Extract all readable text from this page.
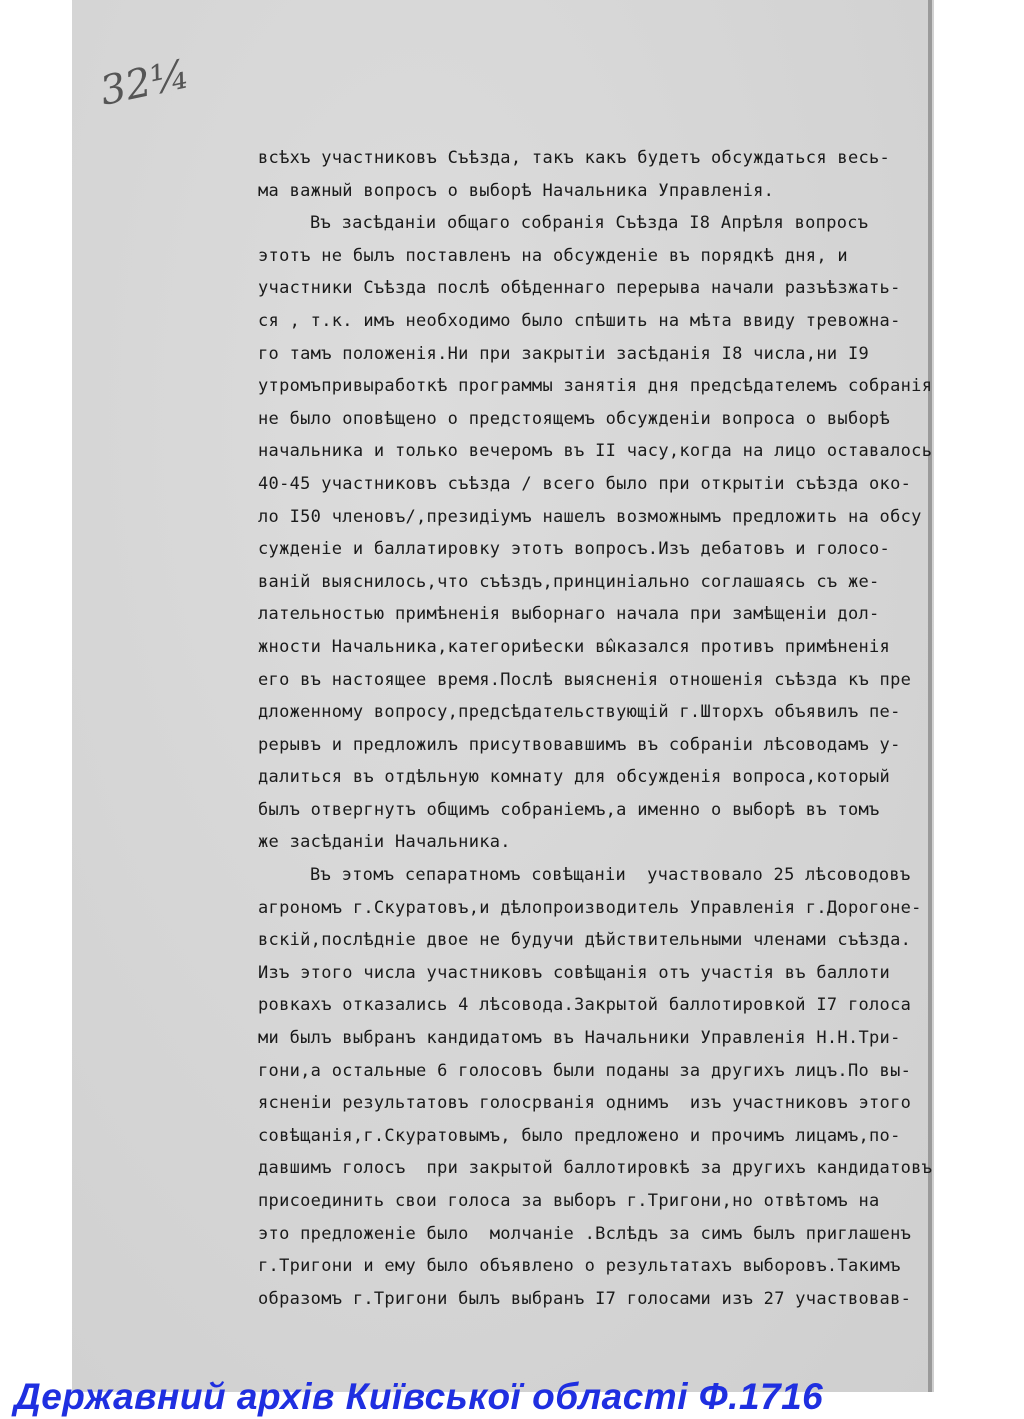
32¼
всѣхъ участниковъ Съѣзда, такъ какъ будетъ обсуждаться весь-
ма важный вопросъ о выборѣ Начальника Управленiя.
Въ засѣданiи общаго собранiя Съѣзда I8 Апрѣля вопросъ
этотъ не былъ поставленъ на обсужденiе въ порядкѣ дня, и
участники Съѣзда послѣ обѣденнаго перерыва начали разъѣзжать-
ся , т.к. имъ необходимо было спѣшить на мѣта ввиду тревожна-
го тамъ положенiя.Ни при закрытiи засѣданiя I8 числа,ни I9
утромъпривыработкѣ программы занятiя дня предсѣдателемъ собранiя
не было оповѣщено о предстоящемъ обсужденiи вопроса о выборѣ
начальника и только вечеромъ въ II часу,когда на лицо оставалось
40-45 участниковъ съѣзда / всего было при открытiи съѣзда око-
ло I50 членовъ/,президiумъ нашелъ возможнымъ предложить на обсу
сужденiе и баллатировку этотъ вопросъ.Изъ дебатовъ и голосо-
ванiй выяснилось,что съѣздъ,принциніально соглашаясь съ же-
лательностью примѣненiя выборнаго начала при замѣщенiи дол-
жности Начальника,категориѣески вы̂казался противъ примѣненiя
его въ настоящее время.Послѣ выясненiя отношенiя съѣзда къ пре
дложенному вопросу,предсѣдательствующiй г.Шторхъ объявилъ пе-
рерывъ и предложилъ присутвовавшимъ въ собранiи лѣсоводамъ у-
далиться въ отдѣльную комнату для обсужденiя вопроса,который
былъ отвергнутъ общимъ собранiемъ,а именно о выборѣ въ томъ
же засѣданiи Начальника.
Въ этомъ сепаратномъ совѣщанiи  участвовало 25 лѣсоводовъ
агрономъ г.Скуратовъ,и дѣлопроизводитель Управленiя г.Дорогоне-
вскiй,послѣднiе двое не будучи дѣйствительными членами съѣзда.
Изъ этого числа участниковъ совѣщанiя отъ участiя въ баллоти
ровкахъ отказались 4 лѣсовода.Закрытой баллотировкой I7 голоса
ми былъ выбранъ кандидатомъ въ Начальники Управленiя Н.Н.Три-
гони,а остальные 6 голосовъ были поданы за другихъ лицъ.По вы-
ясненiи результатовъ голосрванiя однимъ  изъ участниковъ этого
совѣщанiя,г.Скуратовымъ, было предложено и прочимъ лицамъ,по-
давшимъ голосъ  при закрытой баллотировкѣ за другихъ кандидатовъ
присоединить свои голоса за выборъ г.Тригони,но отвѣтомъ на
это предложенiе было  молчанiе .Вслѣдъ за симъ былъ приглашенъ
г.Тригони и ему было объявлено о результатахъ выборовъ.Такимъ
образомъ г.Тригони былъ выбранъ I7 голосами изъ 27 участвовав-
Державний архів Київської області Ф.1716
